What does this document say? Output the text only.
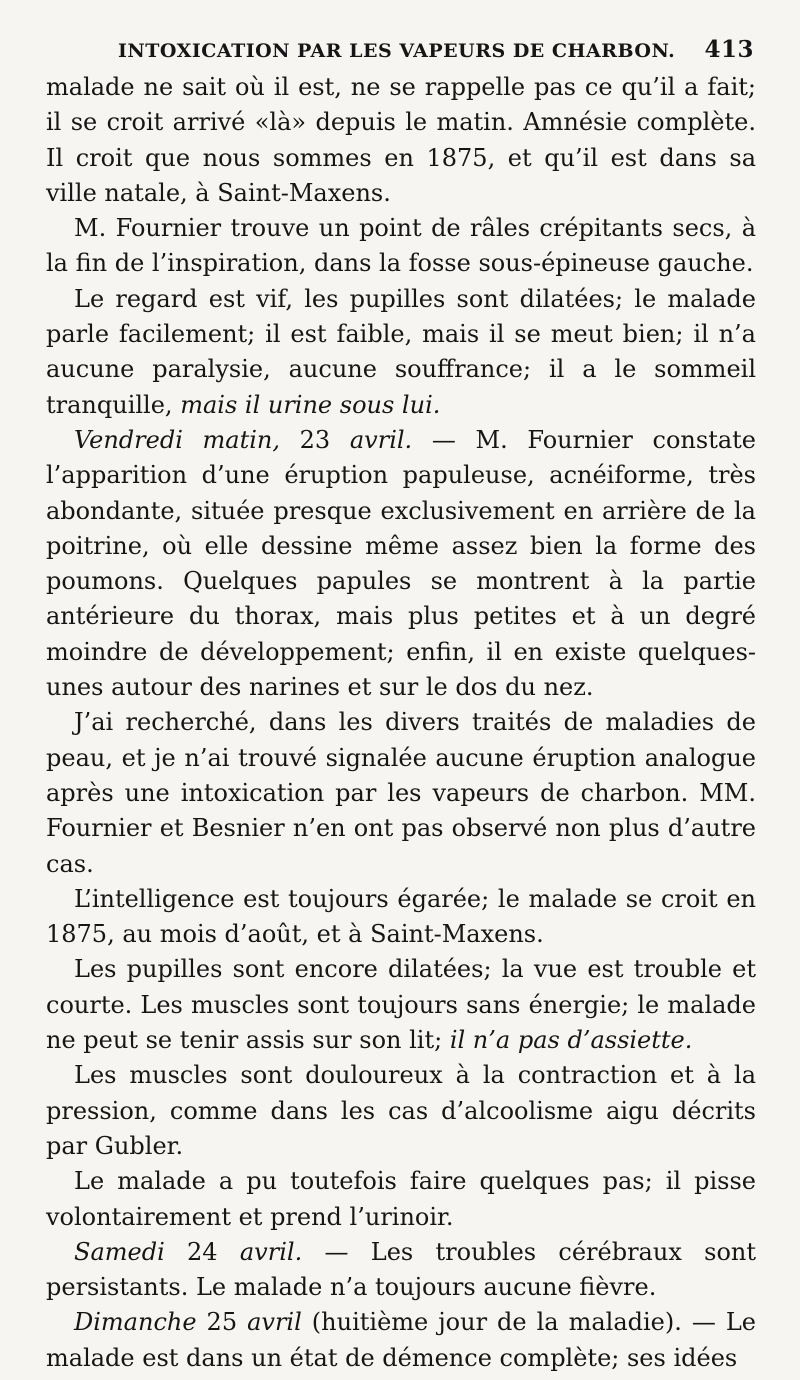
INTOXICATION PAR LES VAPEURS DE CHARBON.	413

malade ne sait où il est, ne se rappelle pas ce qu’il a fait; il se croit arrivé «là» depuis le matin. Amnésie complète. Il croit que nous sommes en 1875, et qu’il est dans sa ville natale, à Saint-Maxens.

M. Fournier trouve un point de râles crépitants secs, à la fin de l’inspiration, dans la fosse sous-épineuse gauche.

Le regard est vif, les pupilles sont dilatées; le malade parle facilement; il est faible, mais il se meut bien; il n’a aucune paralysie, aucune souffrance; il a le sommeil tranquille, mais il urine sous lui.

Vendredi matin, 23 avril. — M. Fournier constate l’apparition d’une éruption papuleuse, acnéiforme, très abondante, située presque exclusivement en arrière de la poitrine, où elle dessine même assez bien la forme des poumons. Quelques papules se montrent à la partie antérieure du thorax, mais plus petites et à un degré moindre de développement; enfin, il en existe quelques-unes autour des narines et sur le dos du nez.

J’ai recherché, dans les divers traités de maladies de peau, et je n’ai trouvé signalée aucune éruption analogue après une intoxication par les vapeurs de charbon. MM. Fournier et Besnier n’en ont pas observé non plus d’autre cas.

L’intelligence est toujours égarée; le malade se croit en 1875, au mois d’août, et à Saint-Maxens.

Les pupilles sont encore dilatées; la vue est trouble et courte. Les muscles sont toujours sans énergie; le malade ne peut se tenir assis sur son lit; il n’a pas d’assiette.

Les muscles sont douloureux à la contraction et à la pression, comme dans les cas d’alcoolisme aigu décrits par Gubler.

Le malade a pu toutefois faire quelques pas; il pisse volontairement et prend l’urinoir.

Samedi 24 avril. — Les troubles cérébraux sont persistants. Le malade n’a toujours aucune fièvre.

Dimanche 25 avril (huitième jour de la maladie). — Le malade est dans un état de démence complète; ses idées
